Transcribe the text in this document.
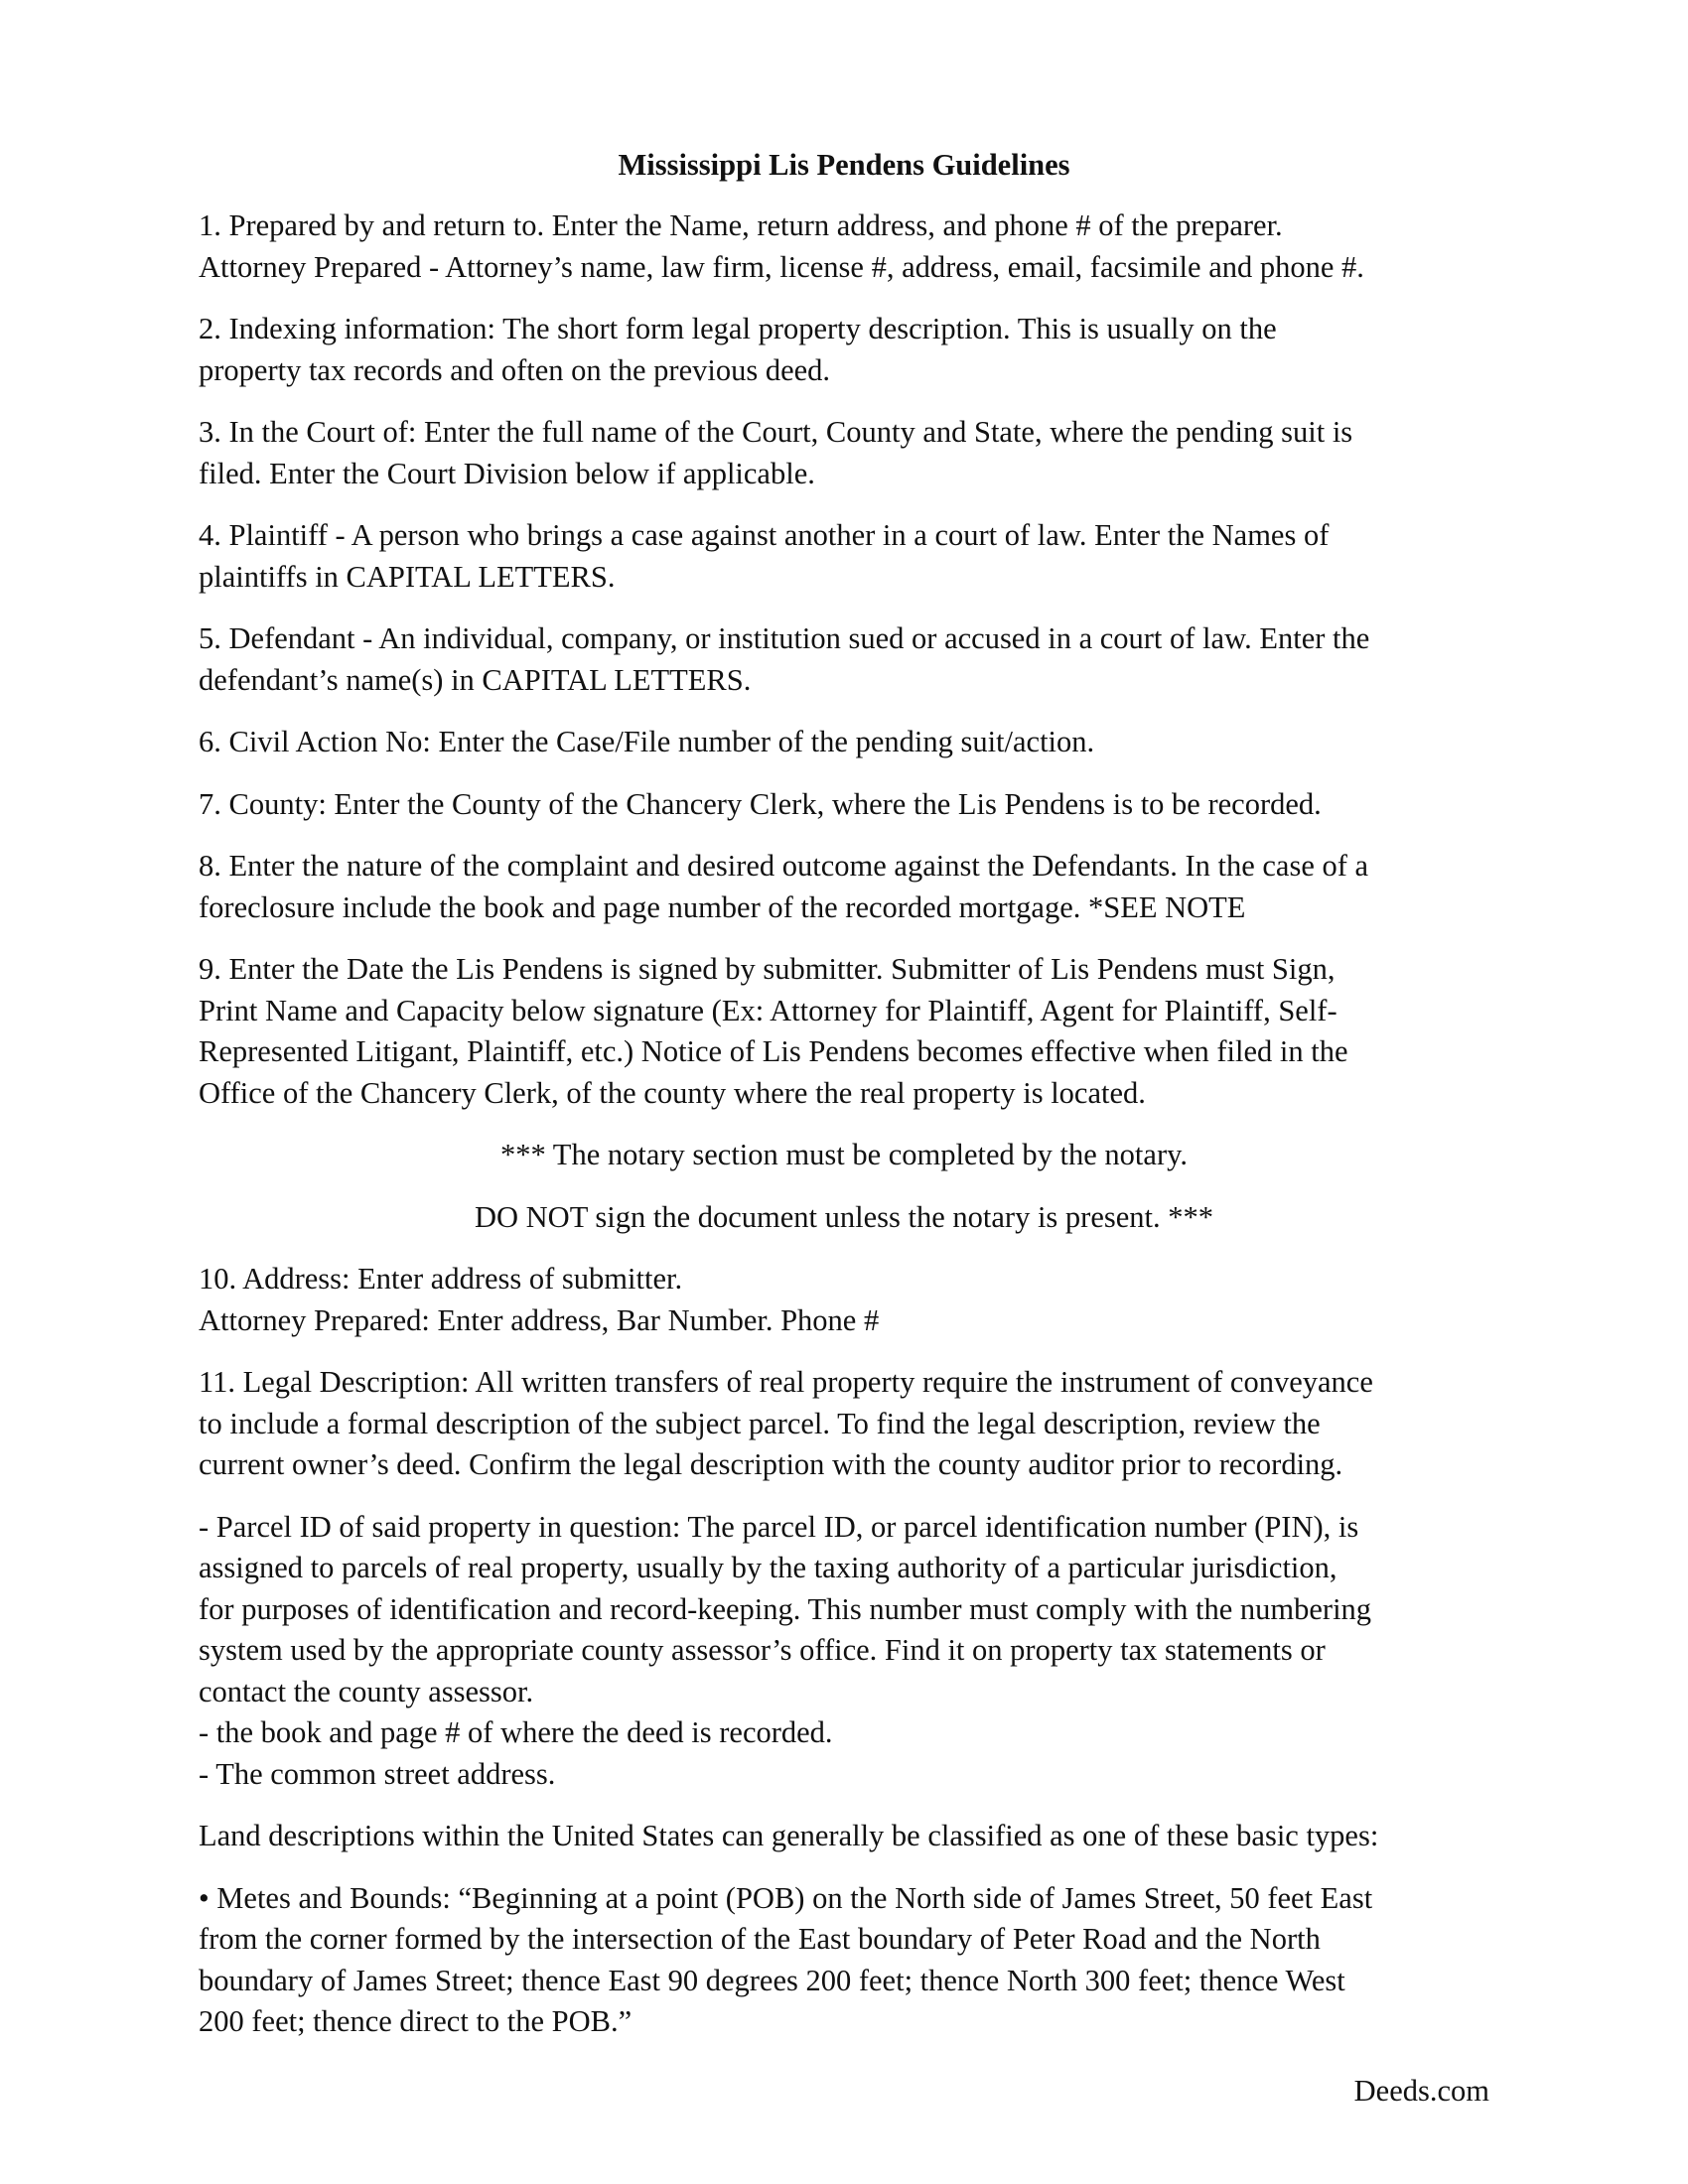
Mississippi Lis Pendens Guidelines
1. Prepared by and return to. Enter the Name, return address, and phone # of the preparer.
Attorney Prepared - Attorney’s name, law firm, license #, address, email, facsimile and phone #.
2. Indexing information: The short form legal property description. This is usually on the
property tax records and often on the previous deed.
3. In the Court of: Enter the full name of the Court, County and State, where the pending suit is
filed. Enter the Court Division below if applicable.
4. Plaintiff - A person who brings a case against another in a court of law. Enter the Names of
plaintiffs in CAPITAL LETTERS.
5. Defendant - An individual, company, or institution sued or accused in a court of law. Enter the
defendant’s name(s) in CAPITAL LETTERS.
6. Civil Action No: Enter the Case/File number of the pending suit/action.
7. County: Enter the County of the Chancery Clerk, where the Lis Pendens is to be recorded.
8. Enter the nature of the complaint and desired outcome against the Defendants. In the case of a
foreclosure include the book and page number of the recorded mortgage. *SEE NOTE
9. Enter the Date the Lis Pendens is signed by submitter. Submitter of Lis Pendens must Sign,
Print Name and Capacity below signature (Ex: Attorney for Plaintiff, Agent for Plaintiff, Self-
Represented Litigant, Plaintiff, etc.) Notice of Lis Pendens becomes effective when filed in the
Office of the Chancery Clerk, of the county where the real property is located.
*** The notary section must be completed by the notary.
DO NOT sign the document unless the notary is present. ***
10. Address: Enter address of submitter.
Attorney Prepared: Enter address, Bar Number. Phone #
11. Legal Description: All written transfers of real property require the instrument of conveyance
to include a formal description of the subject parcel. To find the legal description, review the
current owner’s deed. Confirm the legal description with the county auditor prior to recording.
- Parcel ID of said property in question: The parcel ID, or parcel identification number (PIN), is
assigned to parcels of real property, usually by the taxing authority of a particular jurisdiction,
for purposes of identification and record-keeping. This number must comply with the numbering
system used by the appropriate county assessor’s office. Find it on property tax statements or
contact the county assessor.
- the book and page # of where the deed is recorded.
- The common street address.
Land descriptions within the United States can generally be classified as one of these basic types:
• Metes and Bounds: “Beginning at a point (POB) on the North side of James Street, 50 feet East
from the corner formed by the intersection of the East boundary of Peter Road and the North
boundary of James Street; thence East 90 degrees 200 feet; thence North 300 feet; thence West
200 feet; thence direct to the POB.”
Deeds.com
